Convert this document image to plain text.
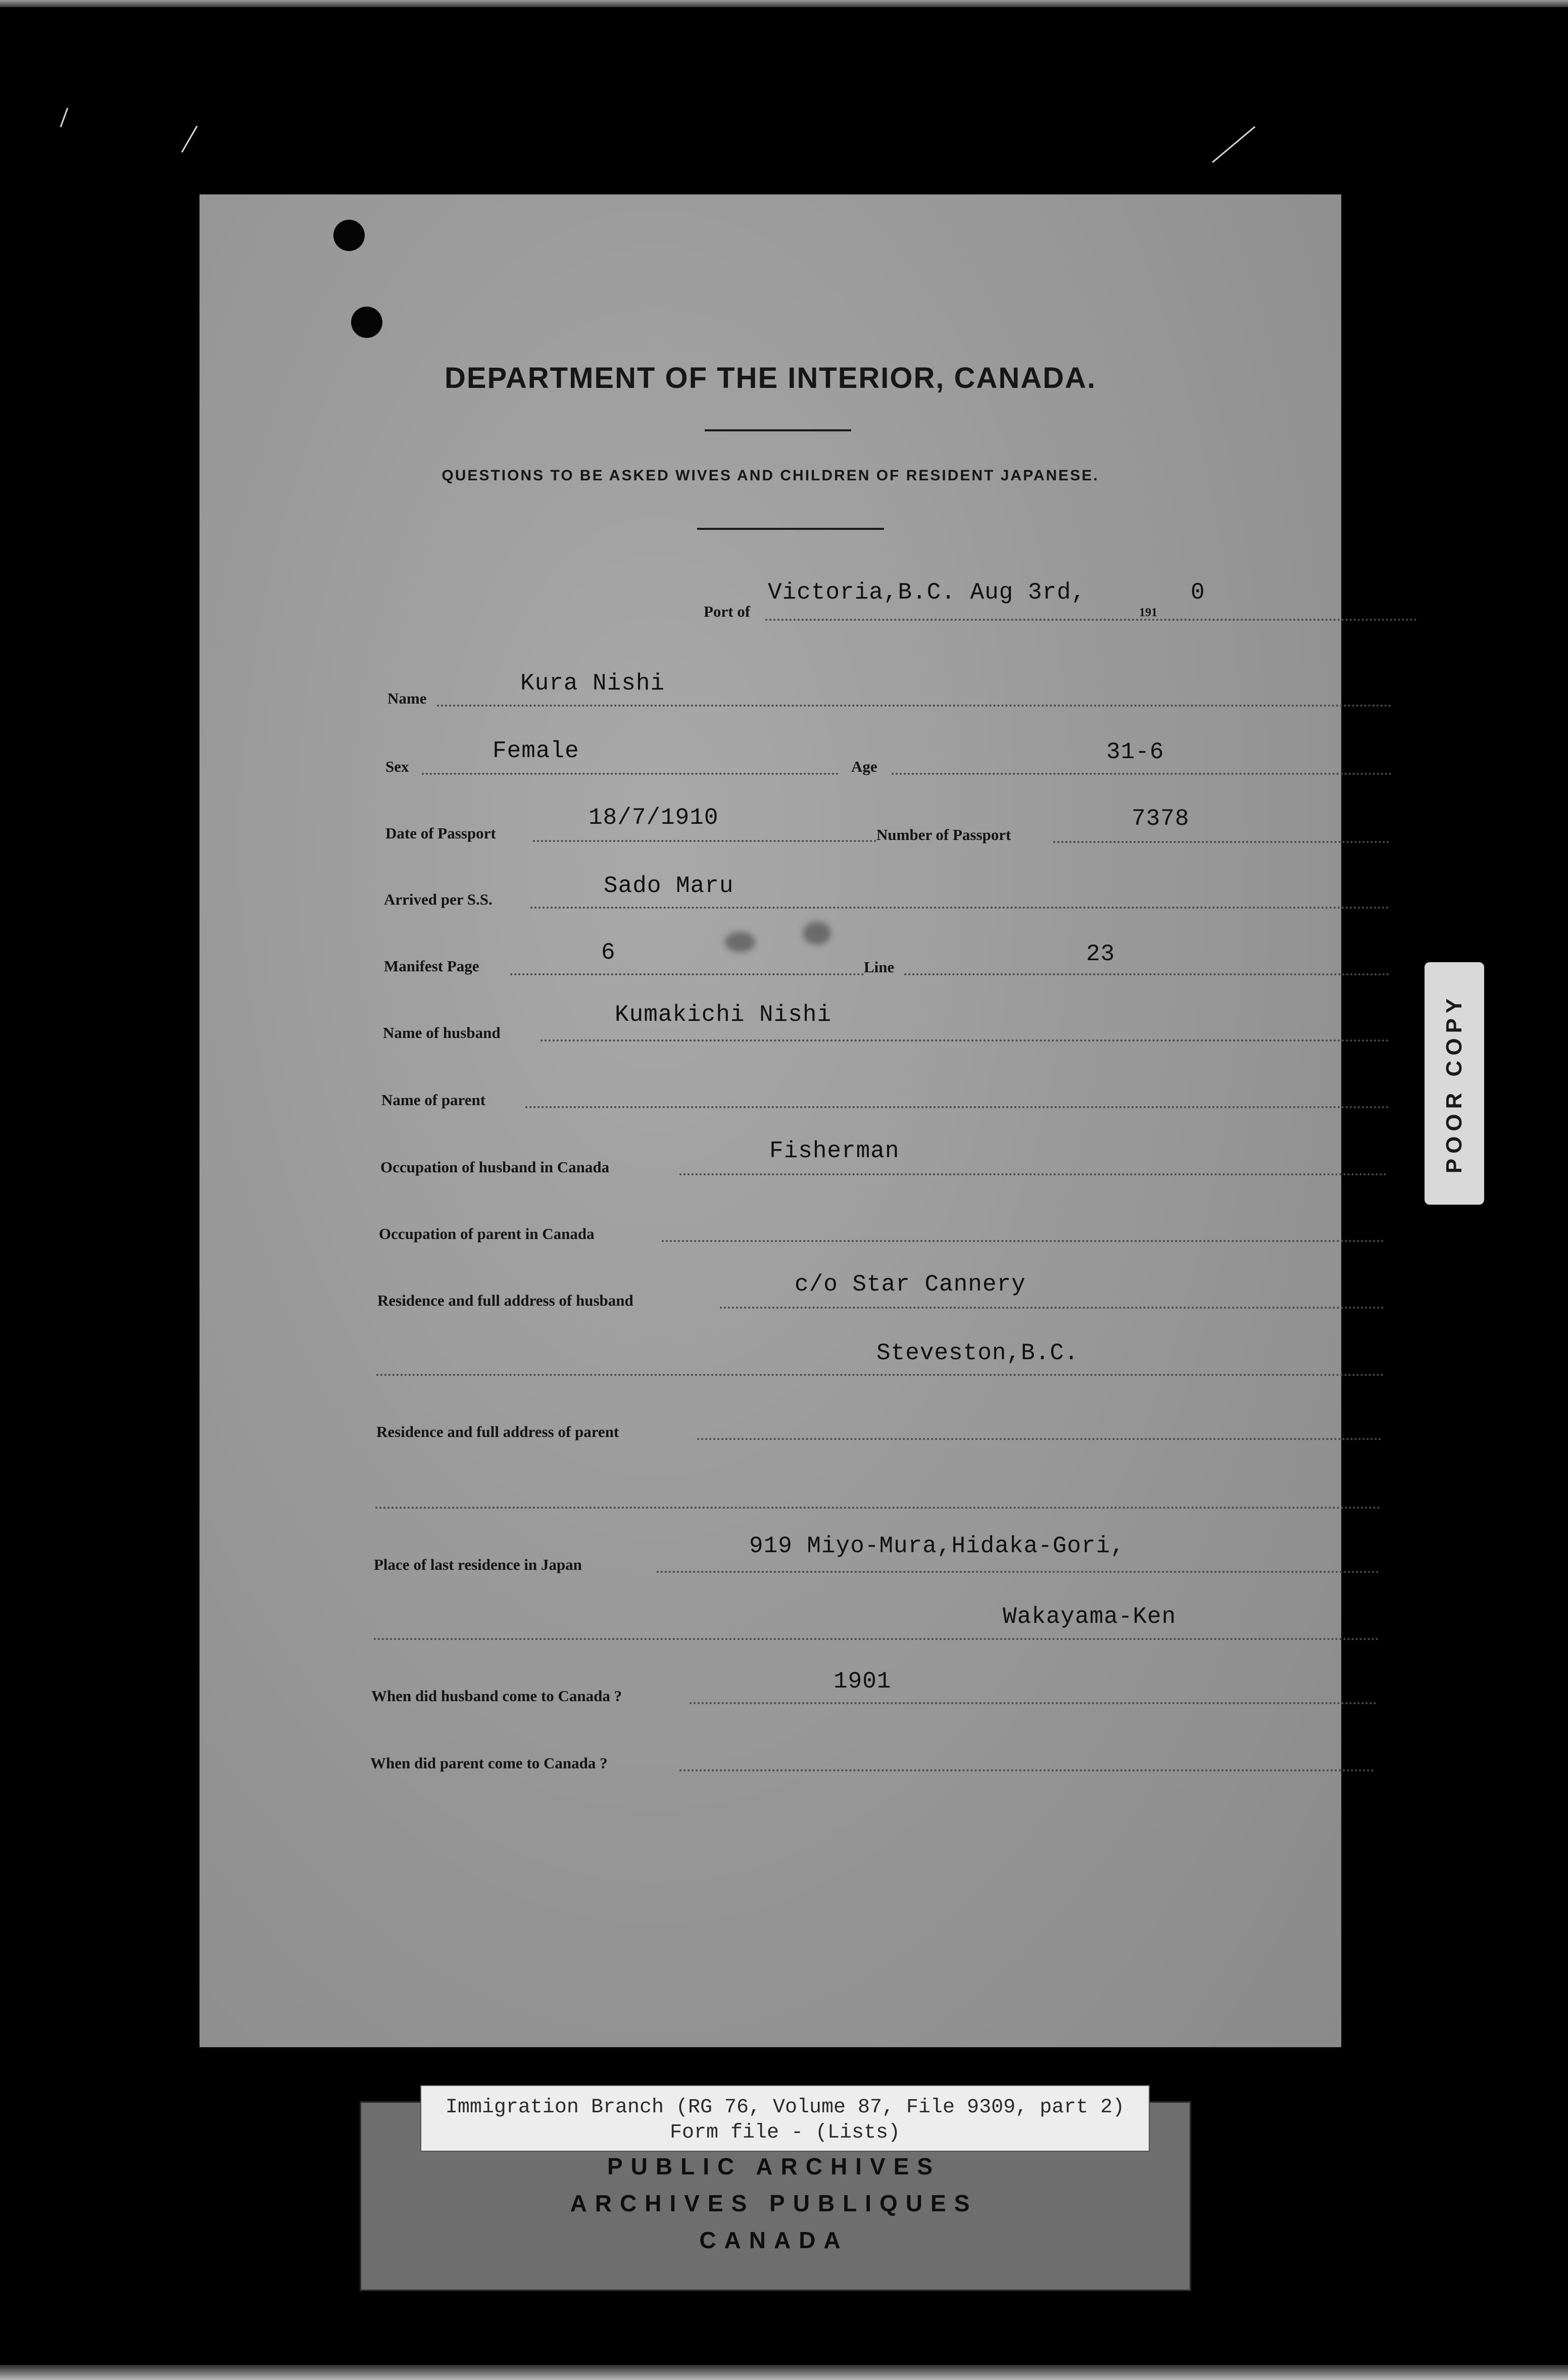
DEPARTMENT OF THE INTERIOR, CANADA.
QUESTIONS TO BE ASKED WIVES AND CHILDREN OF RESIDENT JAPANESE.
Port of
Victoria,B.C. Aug 3rd,
191
0
Name
Kura Nishi
Sex
Female
Age
31-6
Date of Passport
18/7/1910
Number of Passport
7378
Arrived per S.S.
Sado Maru
Manifest Page
6
Line	23
Name of husband
Kumakichi Nishi
Name of parent
Occupation of husband in Canada
Fisherman
Occupation of parent in Canada
Residence and full address of husband
c/o Star Cannery
Steveston,B.C.
Residence and full address of parent
Place of last residence in Japan
919 Miyo-Mura,Hidaka-Gori,
Wakayama-Ken
When did husband come to Canada ?
1901
When did parent come to Canada ?
POOR COPY
Immigration Branch (RG 76, Volume 87, File 9309, part 2)
Form file - (Lists)
PUBLIC ARCHIVES
ARCHIVES PUBLIQUES
CANADA
